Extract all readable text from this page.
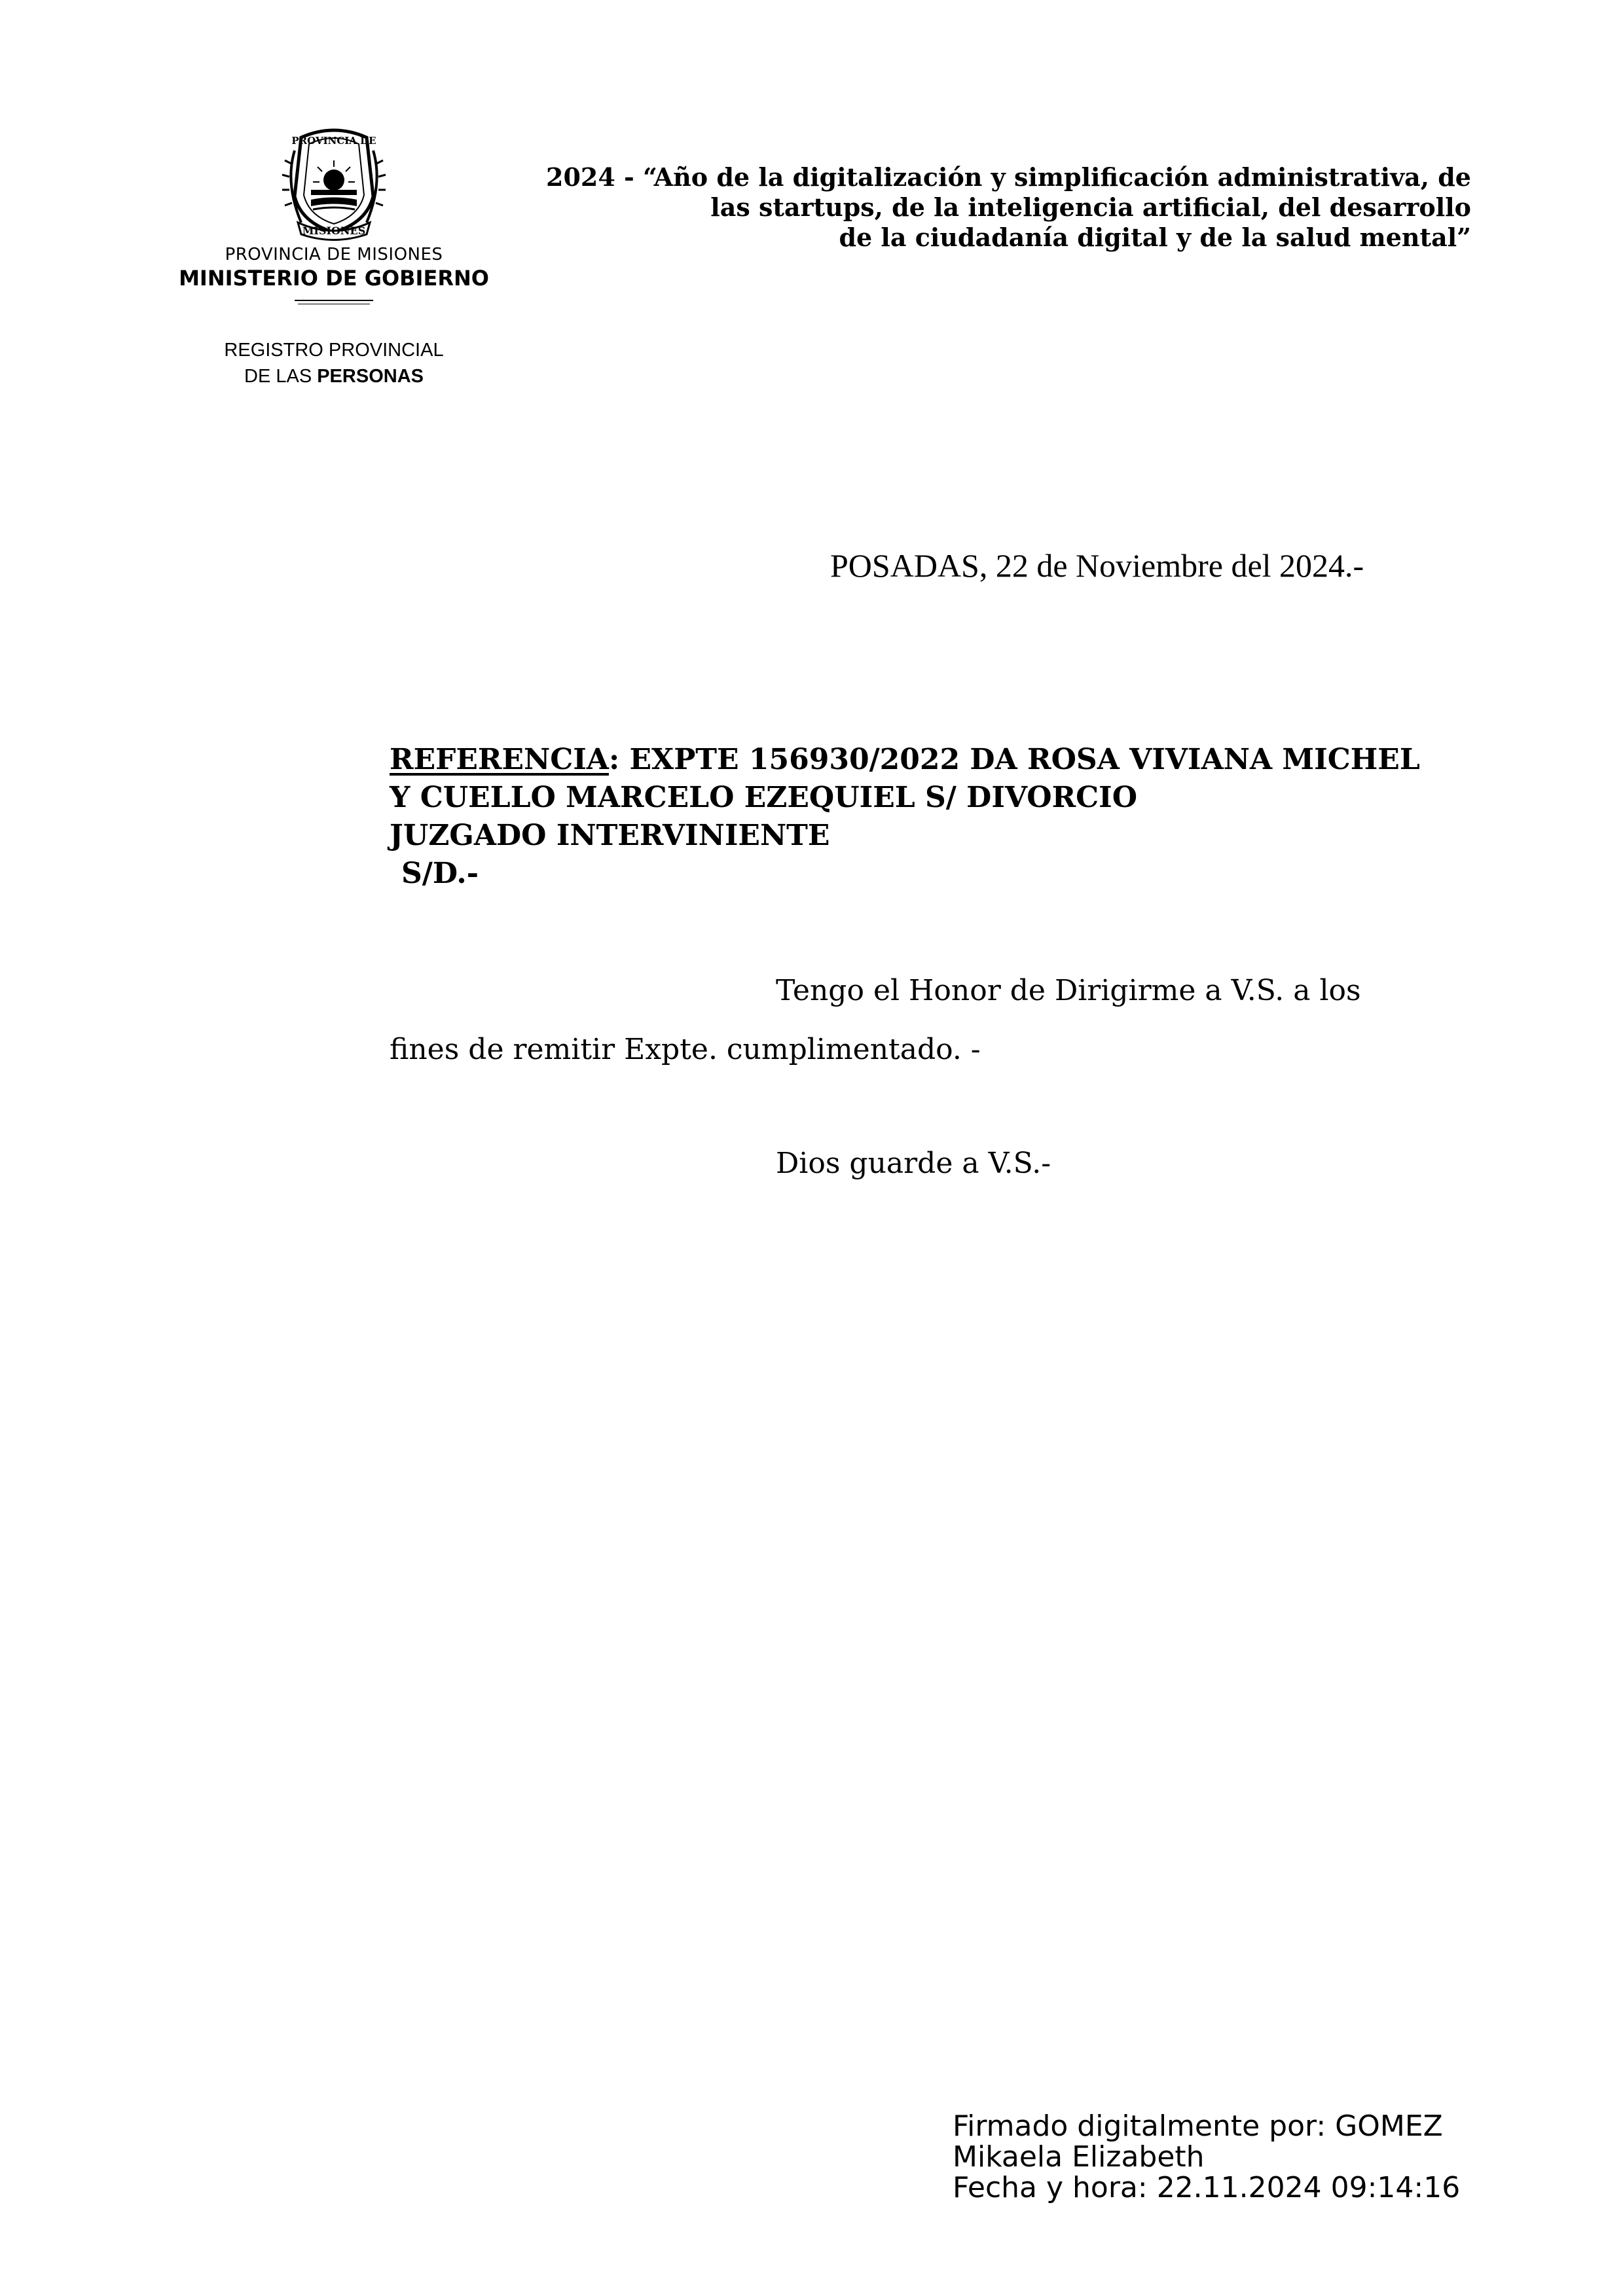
PROVINCIA DE
MISIONES
PROVINCIA DE MISIONES
MINISTERIO DE GOBIERNO
REGISTRO PROVINCIAL
DE LAS PERSONAS
2024 - “Año de la digitalización y simplificación administrativa, de
las startups, de la inteligencia artificial, del desarrollo
de la ciudadanía digital y de la salud mental”
POSADAS, 22 de Noviembre del 2024.-
REFERENCIA: EXPTE 156930/2022 DA ROSA VIVIANA MICHEL
Y CUELLO MARCELO EZEQUIEL S/ DIVORCIO
JUZGADO INTERVINIENTE
S/D.-
Tengo el Honor de Dirigirme a V.S. a los
fines de remitir Expte. cumplimentado. -
Dios guarde a V.S.-
Firmado digitalmente por: GOMEZ
Mikaela Elizabeth
Fecha y hora: 22.11.2024 09:14:16
